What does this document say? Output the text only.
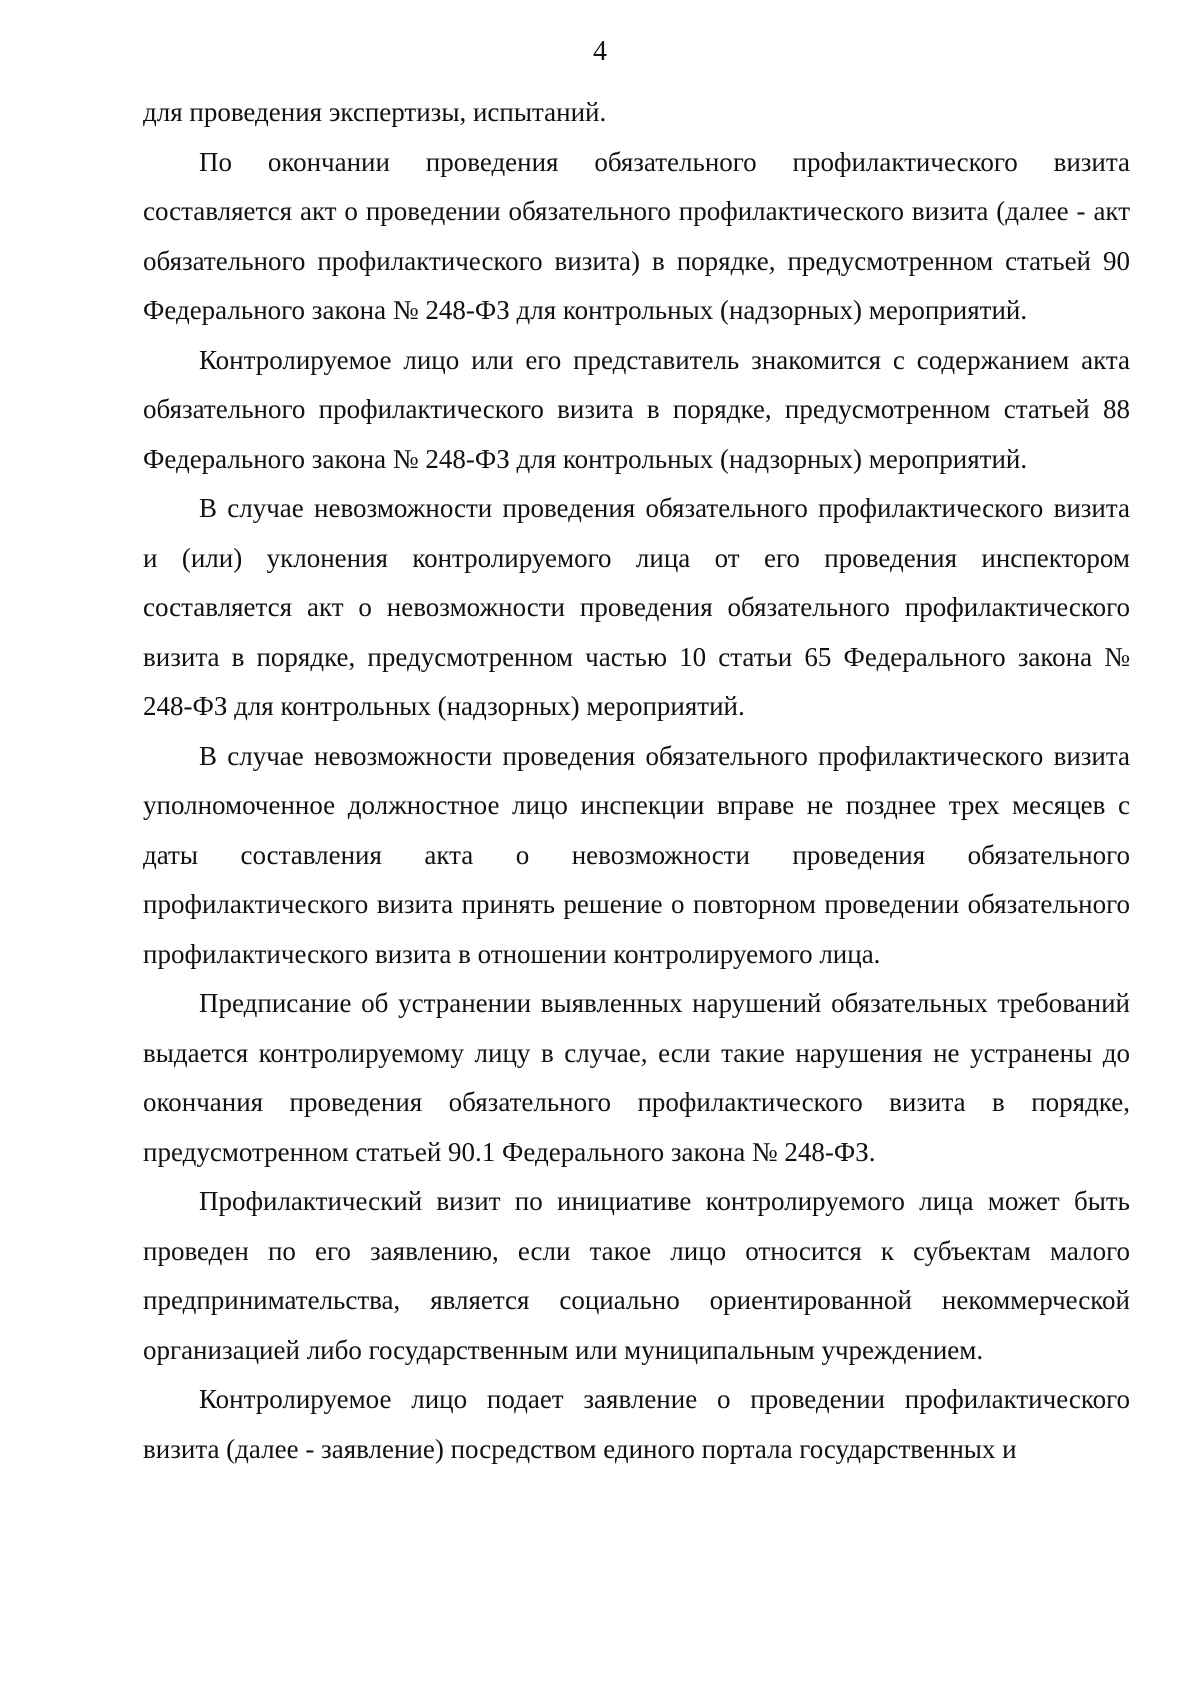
4

для проведения экспертизы, испытаний.

По окончании проведения обязательного профилактического визита составляется акт о проведении обязательного профилактического визита (далее - акт обязательного профилактического визита) в порядке, предусмотренном статьей 90 Федерального закона № 248-ФЗ для контрольных (надзорных) мероприятий.

Контролируемое лицо или его представитель знакомится с содержанием акта обязательного профилактического визита в порядке, предусмотренном статьей 88 Федерального закона № 248-ФЗ для контрольных (надзорных) мероприятий.

В случае невозможности проведения обязательного профилактического визита и (или) уклонения контролируемого лица от его проведения инспектором составляется акт о невозможности проведения обязательного профилактического визита в порядке, предусмотренном частью 10 статьи 65 Федерального закона № 248-ФЗ для контрольных (надзорных) мероприятий.

В случае невозможности проведения обязательного профилактического визита уполномоченное должностное лицо инспекции вправе не позднее трех месяцев с даты составления акта о невозможности проведения обязательного профилактического визита принять решение о повторном проведении обязательного профилактического визита в отношении контролируемого лица.

Предписание об устранении выявленных нарушений обязательных требований выдается контролируемому лицу в случае, если такие нарушения не устранены до окончания проведения обязательного профилактического визита в порядке, предусмотренном статьей 90.1 Федерального закона № 248-ФЗ.

Профилактический визит по инициативе контролируемого лица может быть проведен по его заявлению, если такое лицо относится к субъектам малого предпринимательства, является социально ориентированной некоммерческой организацией либо государственным или муниципальным учреждением.

Контролируемое лицо подает заявление о проведении профилактического визита (далее - заявление) посредством единого портала государственных и
